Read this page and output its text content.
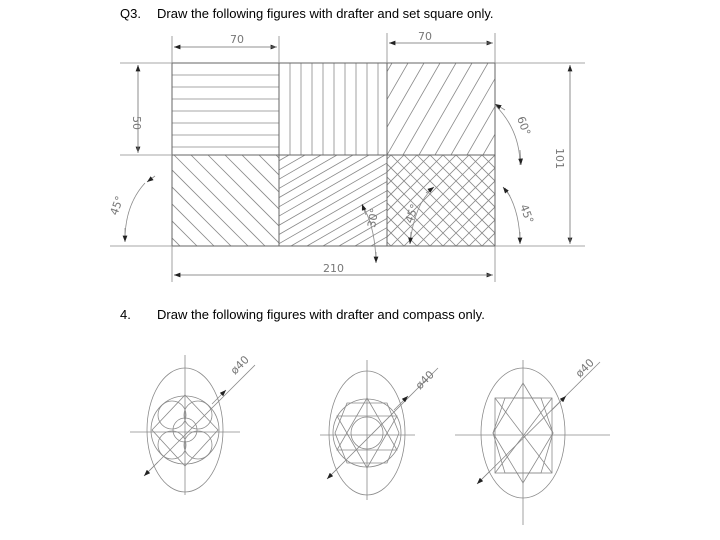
Q3. Draw the following figures with drafter and set square only.
4. Draw the following figures with drafter and compass only.
70	70
50
101
210
60°
45°
30° 45°	45°
ø40
ø40
ø40
